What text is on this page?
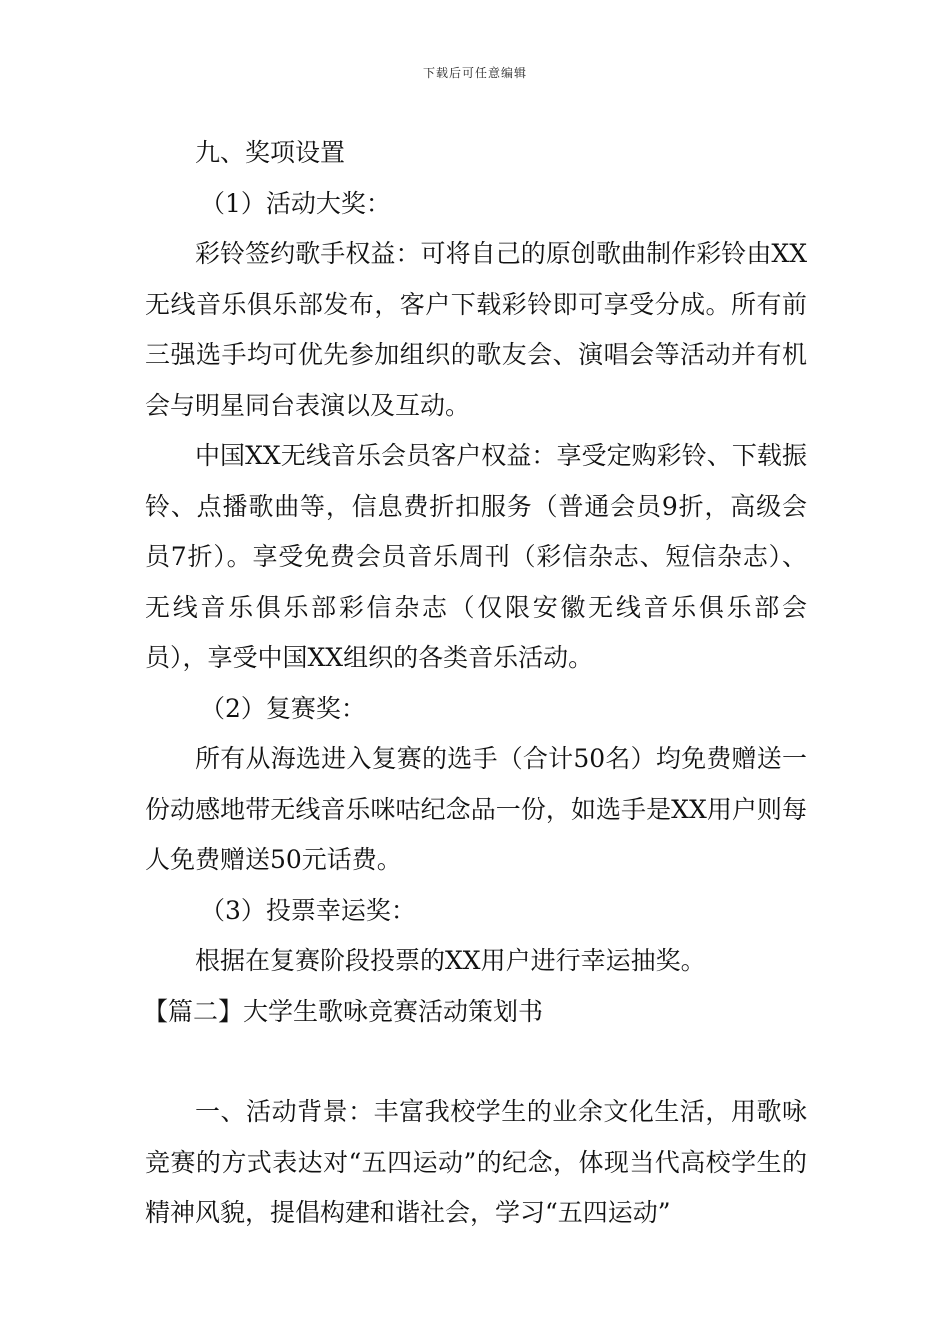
下载后可任意编辑

九、奖项设置

（1）活动大奖：

彩铃签约歌手权益：可将自己的原创歌曲制作彩铃由XX无线音乐俱乐部发布，客户下载彩铃即可享受分成。所有前三强选手均可优先参加组织的歌友会、演唱会等活动并有机会与明星同台表演以及互动。

中国XX无线音乐会员客户权益：享受定购彩铃、下载振铃、点播歌曲等，信息费折扣服务（普通会员9折，高级会员7折）。享受免费会员音乐周刊（彩信杂志、短信杂志）、无线音乐俱乐部彩信杂志（仅限安徽无线音乐俱乐部会员），享受中国XX组织的各类音乐活动。

（2）复赛奖：

所有从海选进入复赛的选手（合计50名）均免费赠送一份动感地带无线音乐咪咕纪念品一份，如选手是XX用户则每人免费赠送50元话费。

（3）投票幸运奖：

根据在复赛阶段投票的XX用户进行幸运抽奖。

【篇二】大学生歌咏竞赛活动策划书

一、活动背景：丰富我校学生的业余文化生活，用歌咏竞赛的方式表达对“五四运动”的纪念，体现当代高校学生的精神风貌，提倡构建和谐社会，学习“五四运动”
